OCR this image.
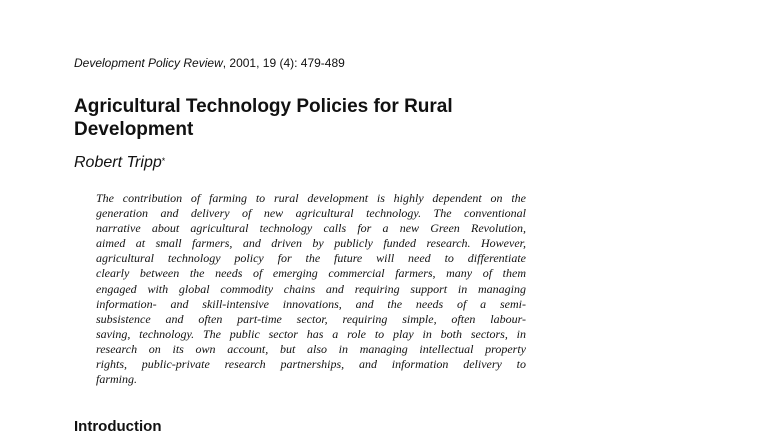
Development Policy Review, 2001, 19 (4): 479-489
Agricultural Technology Policies for Rural
Development
Robert Tripp*

The contribution of farming to rural development is highly dependent on the
generation and delivery of new agricultural technology. The conventional
narrative about agricultural technology calls for a new Green Revolution,
aimed at small farmers, and driven by publicly funded research. However,
agricultural technology policy for the future will need to differentiate
clearly between the needs of emerging commercial farmers, many of them
engaged with global commodity chains and requiring support in managing
information- and skill-intensive innovations, and the needs of a semi-
subsistence and often part-time sector, requiring simple, often labour-
saving, technology. The public sector has a role to play in both sectors, in
research on its own account, but also in managing intellectual property
rights, public-private research partnerships, and information delivery to
farming.

Introduction
